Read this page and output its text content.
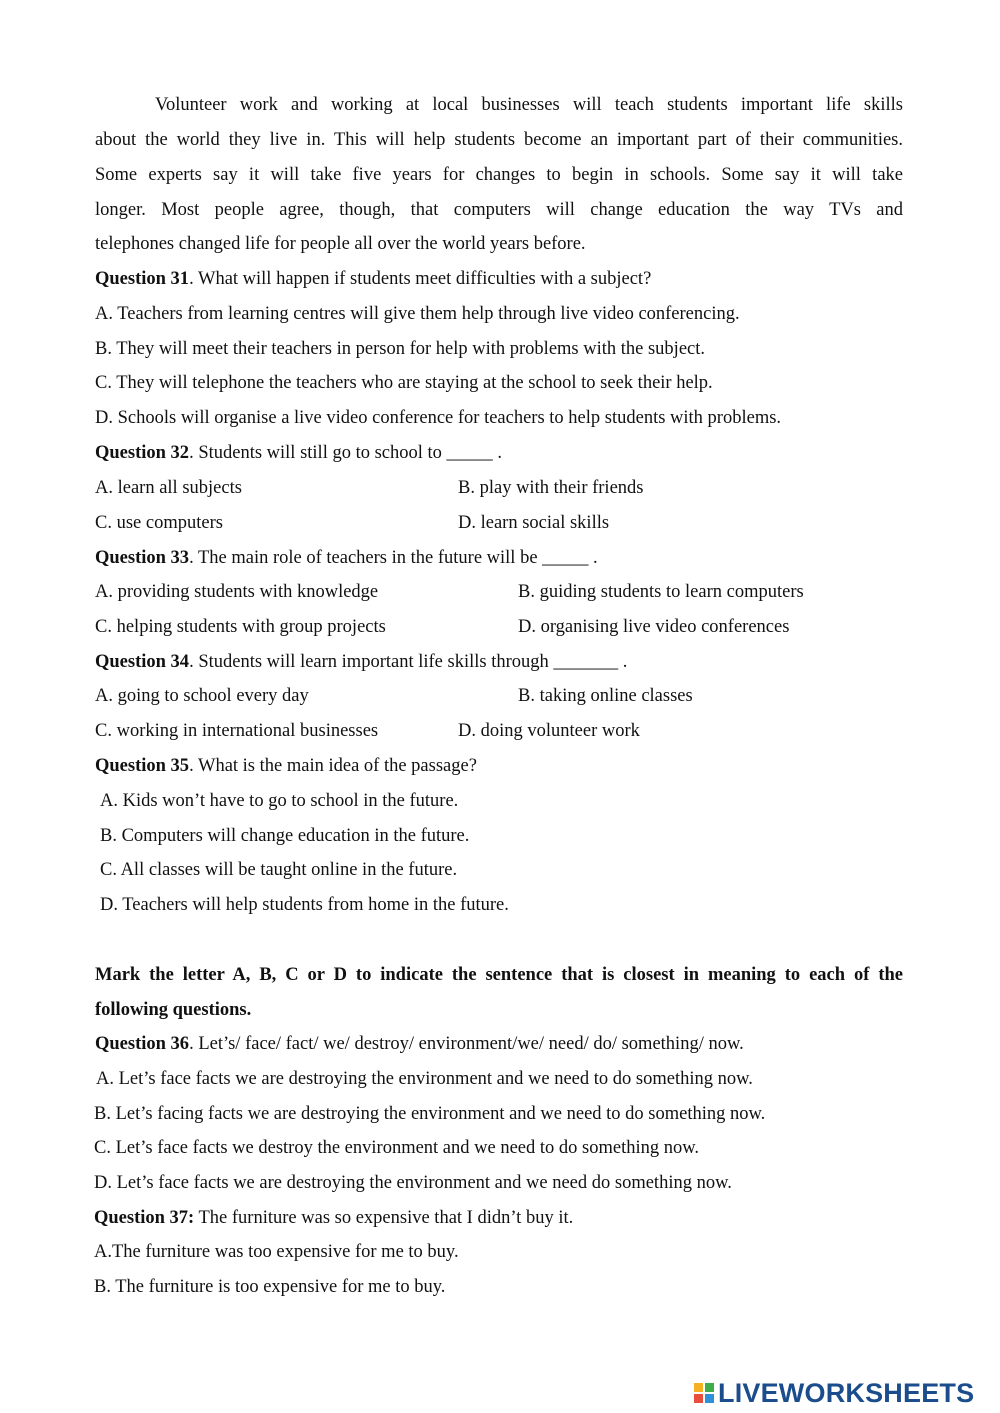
Volunteer work and working at local businesses will teach students important life skills
about the world they live in. This will help students become an important part of their communities.
Some experts say it will take five years for changes to begin in schools. Some say it will take
longer. Most people agree, though, that computers will change education the way TVs and
telephones changed life for people all over the world years before.
Question 31. What will happen if students meet difficulties with a subject?
A. Teachers from learning centres will give them help through live video conferencing.
B. They will meet their teachers in person for help with problems with the subject.
C. They will telephone the teachers who are staying at the school to seek their help.
D. Schools will organise a live video conference for teachers to help students with problems.
Question 32. Students will still go to school to _____ .
A. learn all subjects	B. play with their friends
C. use computers	D. learn social skills
Question 33. The main role of teachers in the future will be _____ .
A. providing students with knowledge	B. guiding students to learn computers
C. helping students with group projects	D. organising live video conferences
Question 34. Students will learn important life skills through _______ .
A. going to school every day	B. taking online classes
C. working in international businesses	D. doing volunteer work
Question 35. What is the main idea of the passage?
A. Kids won’t have to go to school in the future.
B. Computers will change education in the future.
C. All classes will be taught online in the future.
D. Teachers will help students from home in the future.
Mark the letter A, B, C or D to indicate the sentence that is closest in meaning to each of the
following questions.
Question 36. Let’s/ face/ fact/ we/ destroy/ environment/we/ need/ do/ something/ now.
A. Let’s face facts we are destroying the environment and we need to do something now.
B. Let’s facing facts we are destroying the environment and we need to do something now.
C. Let’s face facts we destroy the environment and we need to do something now.
D. Let’s face facts we are destroying the environment and we need do something now.
Question 37: The furniture was so expensive that I didn’t buy it.
A.The furniture was too expensive for me to buy.
B. The furniture is too expensive for me to buy.
LIVEWORKSHEETS
